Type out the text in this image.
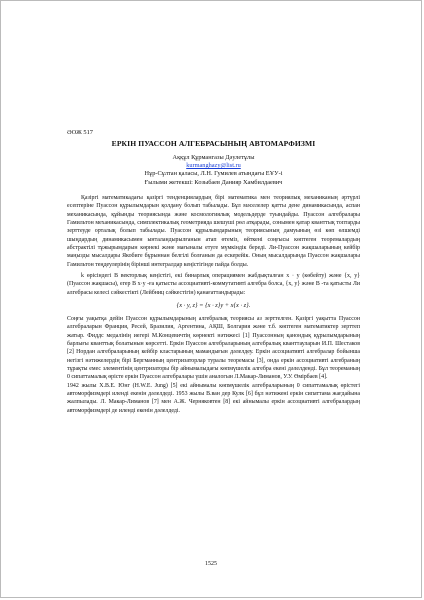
ӘОЖ 517
ЕРКІН ПУАССОН АЛГЕБРАСЫНЫҢ АВТОМАРФИЗМІ
Аққұл Құрмангазы Дәулетұлы
kurmanghazy@list.ru
Нұр-Сұлтан қаласы, Л.Н. Гумилев атындағы ЕҰУ-і
Ғылыми жетекші: Козыбаев Данияр Хамбилдаевич

Қазіргі математикадағы қазіргі тенденциялардың бірі математика мен теориялық механиканың әртүрлі есептеріне Пуассон құрылымдарын қолдану болып табылады. Бұл мәселелер қатты дене динамикасында, аспан механикасында, құйынды теориясында және космологиялық модельдерде туындайды. Пуассон алгебралары Гамильтон механикасында, симплектикалық геометрияда шешуші рөл атқарады, сонымен қатар кванттық топтарды зерттеуде орталық болып табылады. Пуассон құрылымдарының теориясының дамуының өзі көп өлшемді шыңдардың динамикасымен ынталандырылғанын атап өтеміз, өйткені соңғысы көптеген теоремалардың абстрактілі тұжырымдарын көрнекі және мағыналы етуге мүмкіндік береді. Ли-Пуассон жақшаларының кейбір маңызды мысалдары Якобиге бұрыннан белгілі болғанын да ескерейік. Оның мысалдарында Пуассон жақшалары Гамильтон теңдеулерінің бірінші интегралдар кеңістігінде пайда болды.

k өрісіндегі B векторлық кеңістігі, екі бинарлық операциямен жабдықталған x · y (көбейту) және {x, y} (Пуассон жақшасы), егер B x·y -ға қатысты ассоциативті-коммутативті алгебра болса, {x, y} және B -та қатысты Ли алгебрасы келесі сәйкестікті (Лейбниц сәйкестігін) қанағаттандырады:

{x · y, z} = {x · z}y + x{x · z}.

Соңғы уақытқа дейін Пуассон құрылымдарының алгебралық теориясы аз зерттелген. Қазіргі уақытта Пуассон алгебраларын Франция, Ресей, Бразилия, Аргентина, АҚШ, Болгария және т.б. көптеген математиктер зерттеп жатыр. Фиддс медалінің иегері М.Концевичтің көрнекті нәтижесі [1] Пуассонның қанондық құрылымдарының барлығы кванттық болатынын көрсетті. Еркін Пуассон алгебраларының алгебралық кванттауларын И.П. Шестаков [2] Нордан алгебраларының кейбір кластарының мамандығын дәлелдеу. Еркін ассоциативті алгебралар бойынша негізгі нәтижелердің бірі Бергманның центризаторлар туралы теоремасы [3], онда еркін ассоциативті алгебраның тұрақты емес элементінің центризаторы бір айнымалыдағы көпмүшелік алгебра екені дәлелденді. Бұл теореманың 0 сипаттамалық өрісте еркін Пуассон алгебралары үшін аналогын Л.Макар-Лиманов, У.У. Өмірбаев [4].

1942 жылы Х.В.Е. Юнг (H.W.E. Jung) [5] екі айнымалы көпмүшелік алгебраларының 0 сипаттамалық өрістегі автоморфизмдері иленді екенін дәлелдеді. 1953 жылы В.ван дер Кулк [6] бұл нәтижені еркін сипаттама жағдайына жалпылады. Л. Макар-Лиманов [7] мен А.Ж. Черняковтен [8] екі айнымалы еркін ассоциативті алгебралардың автоморфизмдері де иленді екенін дәлелдеді.

1525
